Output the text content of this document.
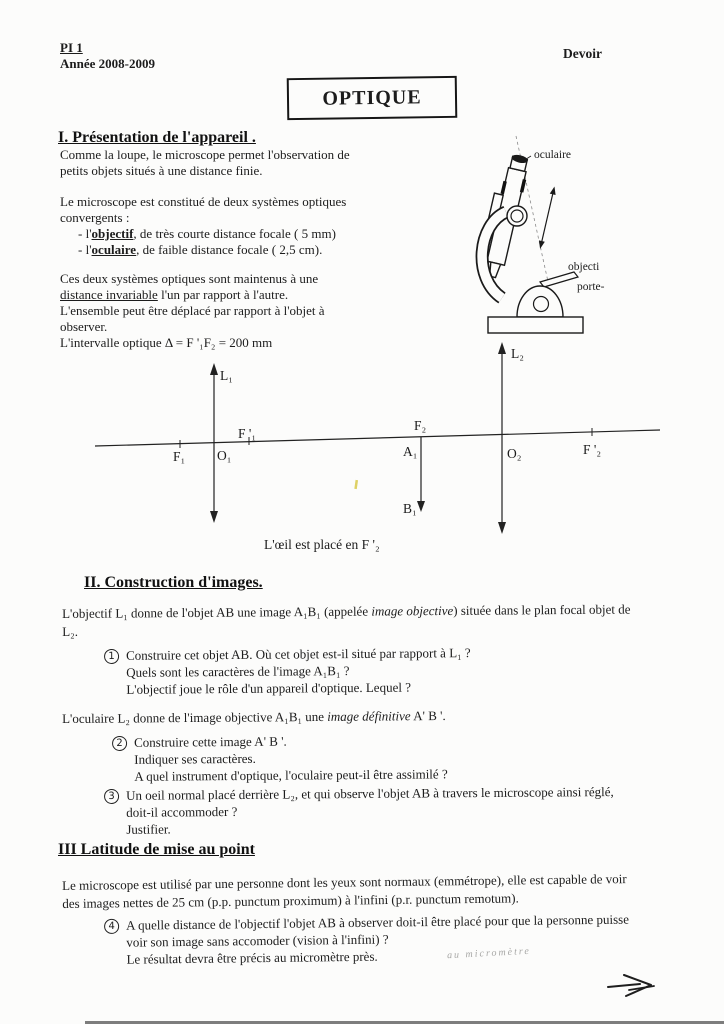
PI 1
Année 2008-2009
Devoir
OPTIQUE
I. Présentation de l'appareil .
Comme la loupe, le microscope permet l'observation de
petits objets situés à une distance finie.
Le microscope est constitué de deux systèmes optiques
convergents :
- l'objectif, de très courte distance focale ( 5 mm)
- l'oculaire, de faible distance focale ( 2,5 cm).
Ces deux systèmes optiques sont maintenus à une
distance invariable l'un par rapport à l'autre.
L'ensemble peut être déplacé par rapport à l'objet à
observer.
L'intervalle optique Δ = F '₁F₂ = 200 mm
oculaire
objecti
porte-
L₁
F₁ O₁
F '₁
F₂
A₁
B₁
O₂	F '₂
L₂
L'œil est placé en F '₂
II. Construction d'images.
L'objectif L₁ donne de l'objet AB une image A₁B₁ (appelée image objective) située dans le plan focal objet de
L₂.
1 Construire cet objet AB. Où cet objet est-il situé par rapport à L₁ ?
Quels sont les caractères de l'image A₁B₁ ?
L'objectif joue le rôle d'un appareil d'optique. Lequel ?
L'oculaire L₂ donne de l'image objective A₁B₁ une image définitive A' B '.
2 Construire cette image A' B '.
Indiquer ses caractères.
A quel instrument d'optique, l'oculaire peut-il être assimilé ?
3 Un oeil normal placé derrière L₂, et qui observe l'objet AB à travers le microscope ainsi réglé,
doit-il accommoder ?
Justifier.
III Latitude de mise au point
Le microscope est utilisé par une personne dont les yeux sont normaux (emmétrope), elle est capable de voir
des images nettes de 25 cm (p.p. punctum proximum) à l'infini (p.r. punctum remotum).
4 A quelle distance de l'objectif l'objet AB à observer doit-il être placé pour que la personne puisse
voir son image sans accomoder (vision à l'infini) ?
Le résultat devra être précis au micromètre près.	au micromètre
